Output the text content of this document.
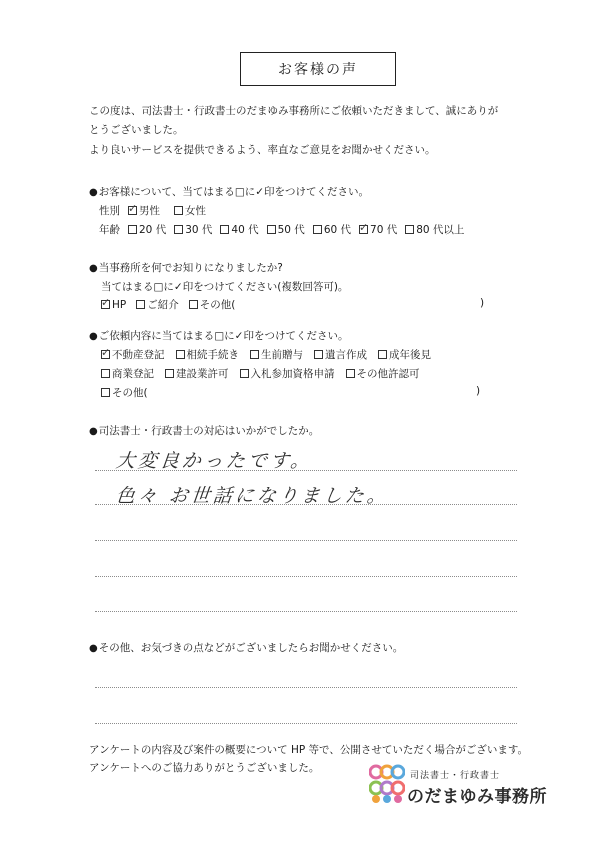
お客様の声
この度は、司法書士・行政書士のだまゆみ事務所にご依頼いただきまして、誠にありが
とうございました。
より良いサービスを提供できるよう、率直なご意見をお聞かせください。
● お客様について、当てはまる□に✓印をつけてください。
性別 ✓ 男性 女性
年齢 20 代 30 代 40 代 50 代 60 代 ✓ 70 代 80 代以上
● 当事務所を何でお知りになりましたか?
当てはまる□に✓印をつけてください(複数回答可)。
✓
HP ご紹介 その他(	)
● ご依頼内容に当てはまる□に✓印をつけてください。
✓
不動産登記 相続手続き 生前贈与 遺言作成 成年後見
商業登記 建設業許可 入札参加資格申請 その他許認可
その他(	)
● 司法書士・行政書士の対応はいかがでしたか。
大変良かったです。
色々 お世話になりました。
● その他、お気づきの点などがございましたらお聞かせください。
アンケートの内容及び案件の概要について HP 等で、公開させていただく場合がございます。
アンケートへのご協力ありがとうございました。
司法書士・行政書士
のだまゆみ事務所
